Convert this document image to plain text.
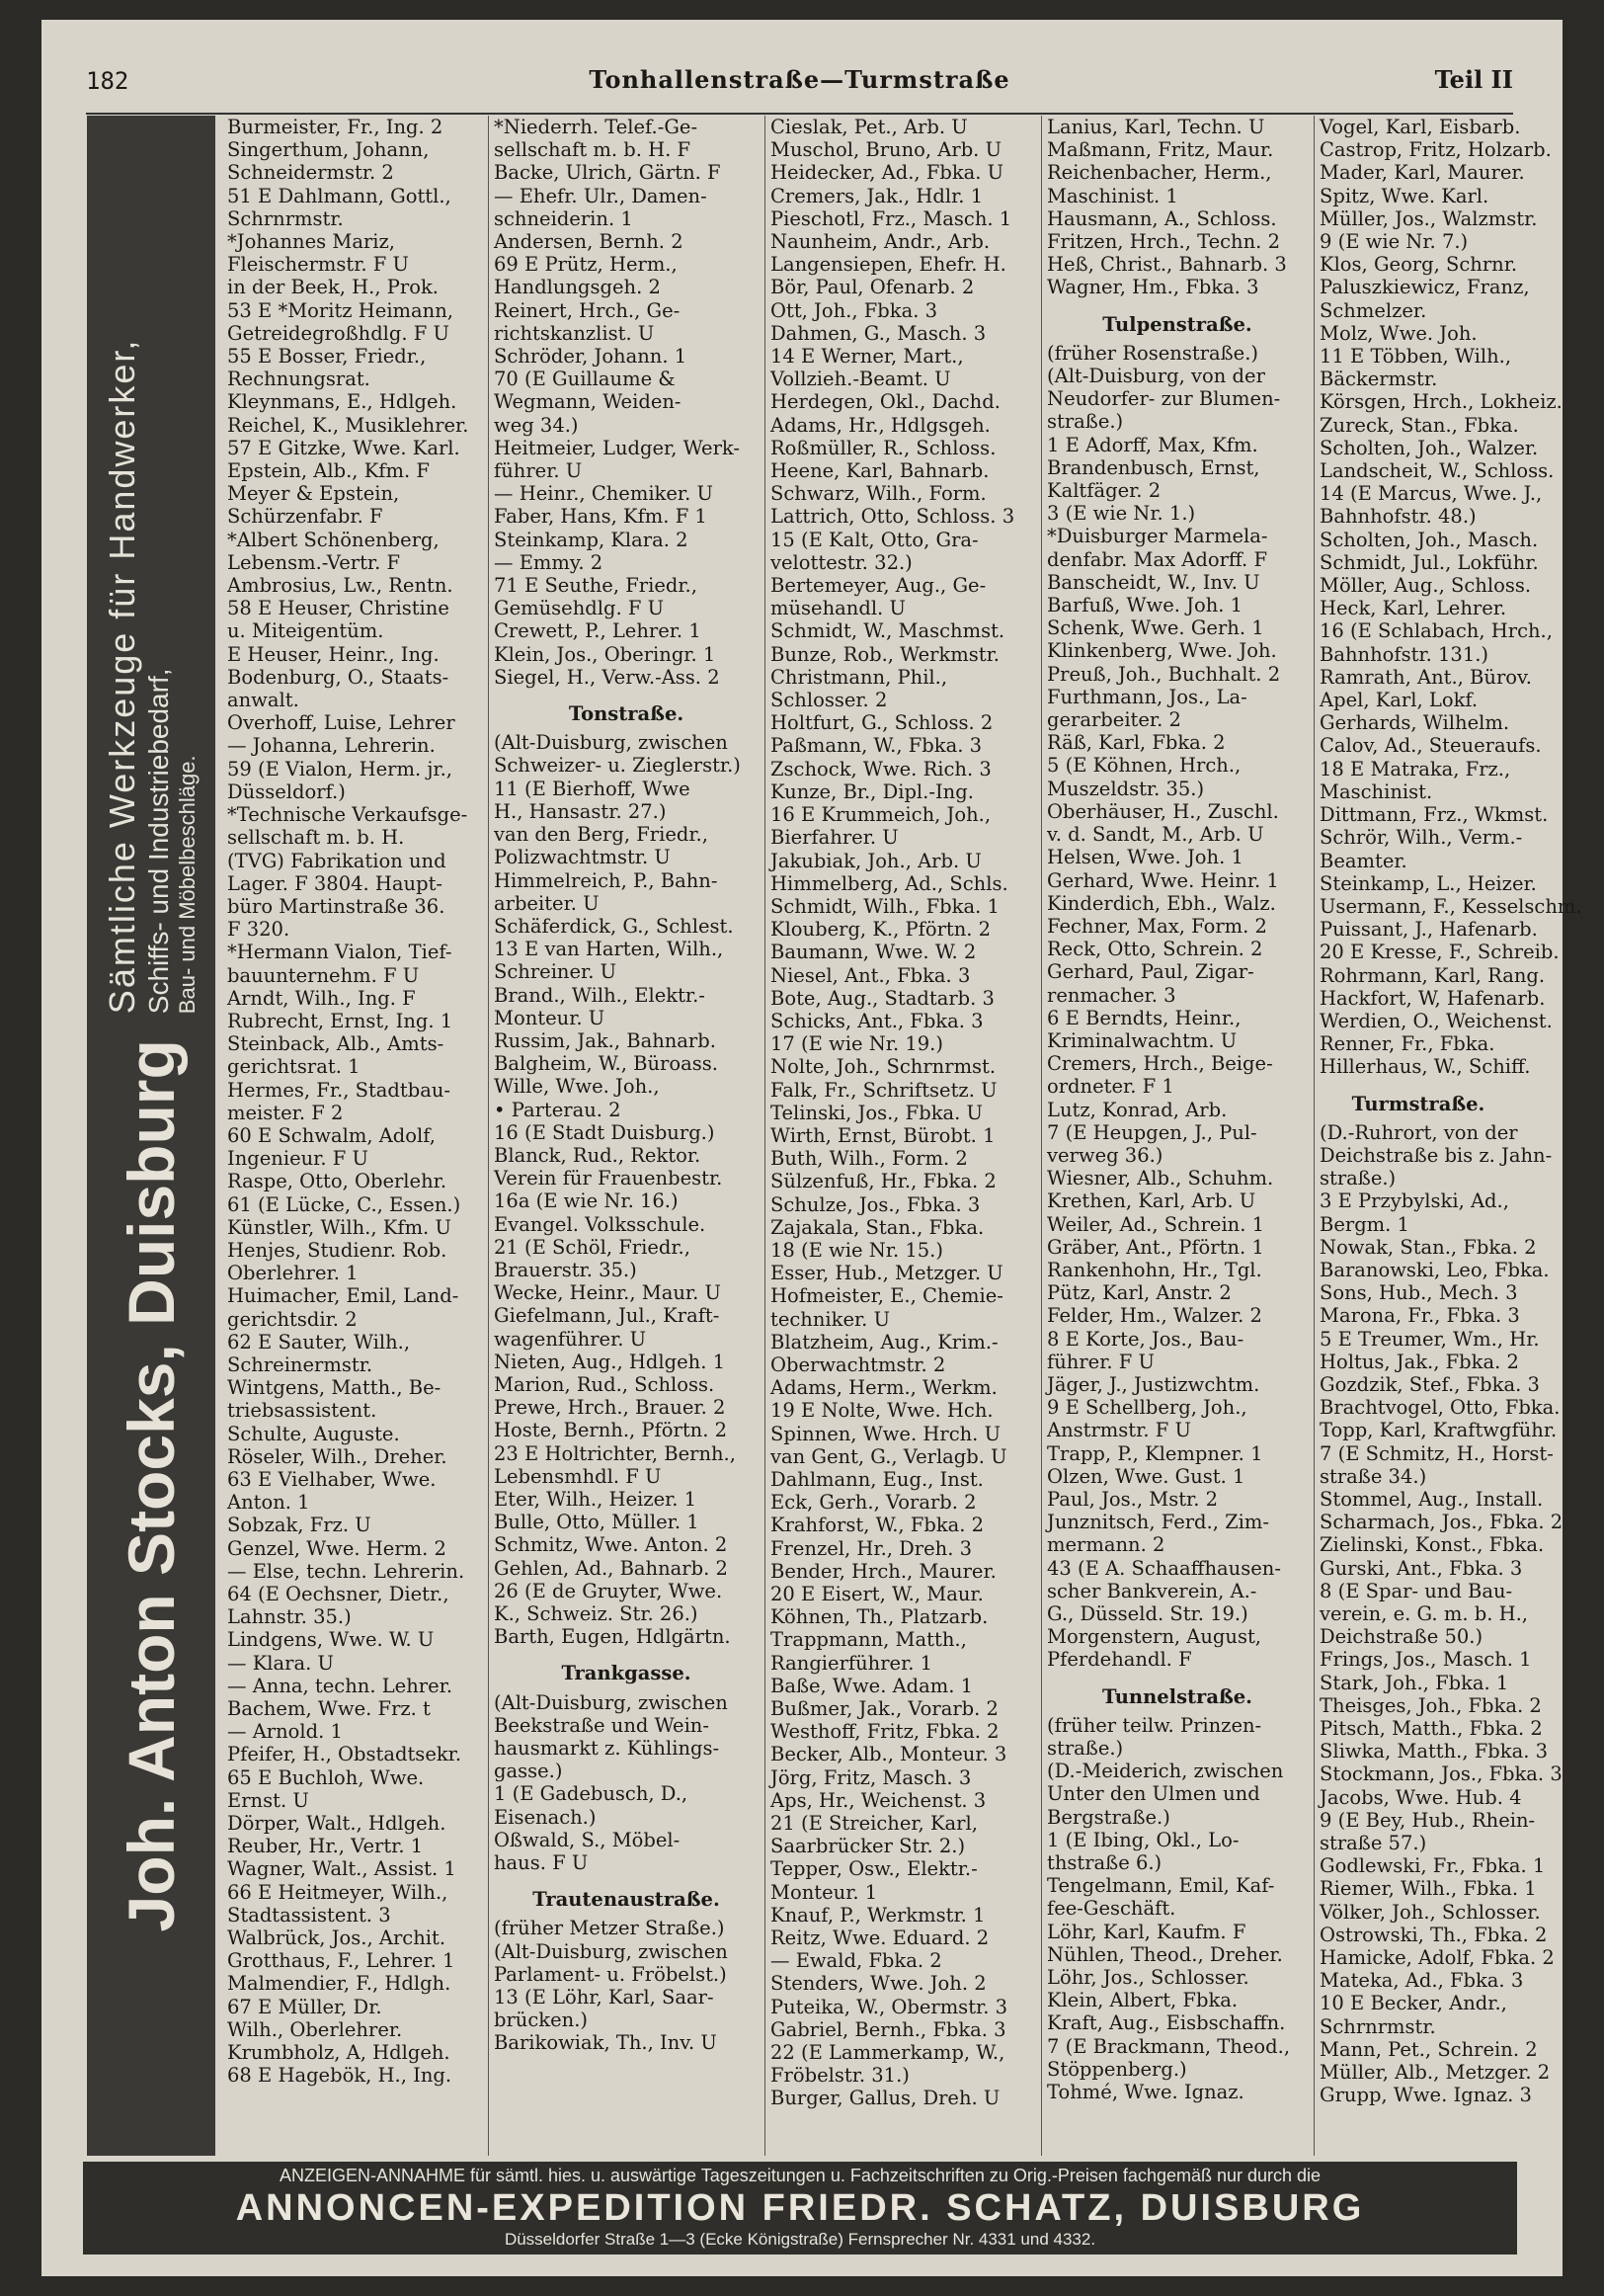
182	Tonhallenstraße—Turmstraße	Teil II
Joh. Anton Stocks, Duisburg
Sämtliche Werkzeuge für Handwerker, Schiffs- und Industriebedarf, Bau- und Möbelbeschläge.
Burmeister, Fr., Ing. 2
Singerthum, Johann,
Schneidermstr. 2
51 E Dahlmann, Gottl.,
Schrnrmstr.
*Johannes Mariz,
Fleischermstr. F U
in der Beek, H., Prok.
53 E *Moritz Heimann,
Getreidegroßhdlg. F U
55 E Bosser, Friedr.,
Rechnungsrat.
Kleynmans, E., Hdlgeh.
Reichel, K., Musiklehrer.
57 E Gitzke, Wwe. Karl.
Epstein, Alb., Kfm. F
Meyer & Epstein,
Schürzenfabr. F
*Albert Schönenberg,
Lebensm.-Vertr. F
Ambrosius, Lw., Rentn.
58 E Heuser, Christine
u. Miteigentüm.
E Heuser, Heinr., Ing.
Bodenburg, O., Staats-
anwalt.
Overhoff, Luise, Lehrer
— Johanna, Lehrerin.
59 (E Vialon, Herm. jr.,
Düsseldorf.)
*Technische Verkaufsge-
sellschaft m. b. H.
(TVG) Fabrikation und
Lager. F 3804. Haupt-
büro Martinstraße 36.
F 320.
*Hermann Vialon, Tief-
bauunternehm. F U
Arndt, Wilh., Ing. F
Rubrecht, Ernst, Ing. 1
Steinback, Alb., Amts-
gerichtsrat. 1
Hermes, Fr., Stadtbau-
meister. F 2
60 E Schwalm, Adolf,
Ingenieur. F U
Raspe, Otto, Oberlehr.
61 (E Lücke, C., Essen.)
Künstler, Wilh., Kfm. U
Henjes, Studienr. Rob.
Oberlehrer. 1
Huimacher, Emil, Land-
gerichtsdir. 2
62 E Sauter, Wilh.,
Schreinermstr.
Wintgens, Matth., Be-
triebsassistent.
Schulte, Auguste.
Röseler, Wilh., Dreher.
63 E Vielhaber, Wwe.
Anton. 1
Sobzak, Frz. U
Genzel, Wwe. Herm. 2
— Else, techn. Lehrerin.
64 (E Oechsner, Dietr.,
Lahnstr. 35.)
Lindgens, Wwe. W. U
— Klara. U
— Anna, techn. Lehrer.
Bachem, Wwe. Frz. t
— Arnold. 1
Pfeifer, H., Obstadtsekr.
65 E Buchloh, Wwe.
Ernst. U
Dörper, Walt., Hdlgeh.
Reuber, Hr., Vertr. 1
Wagner, Walt., Assist. 1
66 E Heitmeyer, Wilh.,
Stadtassistent. 3
Walbrück, Jos., Archit.
Grotthaus, F., Lehrer. 1
Malmendier, F., Hdlgh.
67 E Müller, Dr.
Wilh., Oberlehrer.
Krumbholz, A, Hdlgeh.
68 E Hagebök, H., Ing.
*Niederrh. Telef.-Ge-
sellschaft m. b. H. F
Backe, Ulrich, Gärtn. F
— Ehefr. Ulr., Damen-
schneiderin. 1
Andersen, Bernh. 2
69 E Prütz, Herm.,
Handlungsgeh. 2
Reinert, Hrch., Ge-
richtskanzlist. U
Schröder, Johann. 1
70 (E Guillaume &
Wegmann, Weiden-
weg 34.)
Heitmeier, Ludger, Werk-
führer. U
— Heinr., Chemiker. U
Faber, Hans, Kfm. F 1
Steinkamp, Klara. 2
— Emmy. 2
71 E Seuthe, Friedr.,
Gemüsehdlg. F U
Crewett, P., Lehrer. 1
Klein, Jos., Oberingr. 1
Siegel, H., Verw.-Ass. 2
Tonstraße.
(Alt-Duisburg, zwischen
Schweizer- u. Zieglerstr.)
11 (E Bierhoff, Wwe
H., Hansastr. 27.)
van den Berg, Friedr.,
Polizwachtmstr. U
Himmelreich, P., Bahn-
arbeiter. U
Schäferdick, G., Schlest.
13 E van Harten, Wilh.,
Schreiner. U
Brand., Wilh., Elektr.-
Monteur. U
Russim, Jak., Bahnarb.
Balgheim, W., Büroass.
Wille, Wwe. Joh.,
• Parterau. 2
16 (E Stadt Duisburg.)
Blanck, Rud., Rektor.
Verein für Frauenbestr.
16a (E wie Nr. 16.)
Evangel. Volksschule.
21 (E Schöl, Friedr.,
Brauerstr. 35.)
Wecke, Heinr., Maur. U
Giefelmann, Jul., Kraft-
wagenführer. U
Nieten, Aug., Hdlgeh. 1
Marion, Rud., Schloss.
Prewe, Hrch., Brauer. 2
Hoste, Bernh., Pförtn. 2
23 E Holtrichter, Bernh.,
Lebensmhdl. F U
Eter, Wilh., Heizer. 1
Bulle, Otto, Müller. 1
Schmitz, Wwe. Anton. 2
Gehlen, Ad., Bahnarb. 2
26 (E de Gruyter, Wwe.
K., Schweiz. Str. 26.)
Barth, Eugen, Hdlgärtn.
Trankgasse.
(Alt-Duisburg, zwischen
Beekstraße und Wein-
hausmarkt z. Kühlings-
gasse.)
1 (E Gadebusch, D.,
Eisenach.)
Oßwald, S., Möbel-
haus. F U
Trautenaustraße.
(früher Metzer Straße.)
(Alt-Duisburg, zwischen
Parlament- u. Fröbelst.)
13 (E Löhr, Karl, Saar-
brücken.)
Barikowiak, Th., Inv. U
Cieslak, Pet., Arb. U
Muschol, Bruno, Arb. U
Heidecker, Ad., Fbka. U
Cremers, Jak., Hdlr. 1
Pieschotl, Frz., Masch. 1
Naunheim, Andr., Arb.
Langensiepen, Ehefr. H.
Bör, Paul, Ofenarb. 2
Ott, Joh., Fbka. 3
Dahmen, G., Masch. 3
14 E Werner, Mart.,
Vollzieh.-Beamt. U
Herdegen, Okl., Dachd.
Adams, Hr., Hdlgsgeh.
Roßmüller, R., Schloss.
Heene, Karl, Bahnarb.
Schwarz, Wilh., Form.
Lattrich, Otto, Schloss. 3
15 (E Kalt, Otto, Gra-
velottestr. 32.)
Bertemeyer, Aug., Ge-
müsehandl. U
Schmidt, W., Maschmst.
Bunze, Rob., Werkmstr.
Christmann, Phil.,
Schlosser. 2
Holtfurt, G., Schloss. 2
Paßmann, W., Fbka. 3
Zschock, Wwe. Rich. 3
Kunze, Br., Dipl.-Ing.
16 E Krummeich, Joh.,
Bierfahrer. U
Jakubiak, Joh., Arb. U
Himmelberg, Ad., Schls.
Schmidt, Wilh., Fbka. 1
Klouberg, K., Pförtn. 2
Baumann, Wwe. W. 2
Niesel, Ant., Fbka. 3
Bote, Aug., Stadtarb. 3
Schicks, Ant., Fbka. 3
17 (E wie Nr. 19.)
Nolte, Joh., Schrnrmst.
Falk, Fr., Schriftsetz. U
Telinski, Jos., Fbka. U
Wirth, Ernst, Bürobt. 1
Buth, Wilh., Form. 2
Sülzenfuß, Hr., Fbka. 2
Schulze, Jos., Fbka. 3
Zajakala, Stan., Fbka.
18 (E wie Nr. 15.)
Esser, Hub., Metzger. U
Hofmeister, E., Chemie-
techniker. U
Blatzheim, Aug., Krim.-
Oberwachtmstr. 2
Adams, Herm., Werkm.
19 E Nolte, Wwe. Hch.
Spinnen, Wwe. Hrch. U
van Gent, G., Verlagb. U
Dahlmann, Eug., Inst.
Eck, Gerh., Vorarb. 2
Krahforst, W., Fbka. 2
Frenzel, Hr., Dreh. 3
Bender, Hrch., Maurer.
20 E Eisert, W., Maur.
Köhnen, Th., Platzarb.
Trappmann, Matth.,
Rangierführer. 1
Baße, Wwe. Adam. 1
Bußmer, Jak., Vorarb. 2
Westhoff, Fritz, Fbka. 2
Becker, Alb., Monteur. 3
Jörg, Fritz, Masch. 3
Aps, Hr., Weichenst. 3
21 (E Streicher, Karl,
Saarbrücker Str. 2.)
Tepper, Osw., Elektr.-
Monteur. 1
Knauf, P., Werkmstr. 1
Reitz, Wwe. Eduard. 2
— Ewald, Fbka. 2
Stenders, Wwe. Joh. 2
Puteika, W., Obermstr. 3
Gabriel, Bernh., Fbka. 3
22 (E Lammerkamp, W.,
Fröbelstr. 31.)
Burger, Gallus, Dreh. U
Lanius, Karl, Techn. U
Maßmann, Fritz, Maur.
Reichenbacher, Herm.,
Maschinist. 1
Hausmann, A., Schloss.
Fritzen, Hrch., Techn. 2
Heß, Christ., Bahnarb. 3
Wagner, Hm., Fbka. 3
Tulpenstraße.
(früher Rosenstraße.)
(Alt-Duisburg, von der
Neudorfer- zur Blumen-
straße.)
1 E Adorff, Max, Kfm.
Brandenbusch, Ernst,
Kaltfäger. 2
3 (E wie Nr. 1.)
*Duisburger Marmela-
denfabr. Max Adorff. F
Banscheidt, W., Inv. U
Barfuß, Wwe. Joh. 1
Schenk, Wwe. Gerh. 1
Klinkenberg, Wwe. Joh.
Preuß, Joh., Buchhalt. 2
Furthmann, Jos., La-
gerarbeiter. 2
Räß, Karl, Fbka. 2
5 (E Köhnen, Hrch.,
Muszeldstr. 35.)
Oberhäuser, H., Zuschl.
v. d. Sandt, M., Arb. U
Helsen, Wwe. Joh. 1
Gerhard, Wwe. Heinr. 1
Kinderdich, Ebh., Walz.
Fechner, Max, Form. 2
Reck, Otto, Schrein. 2
Gerhard, Paul, Zigar-
renmacher. 3
6 E Berndts, Heinr.,
Kriminalwachtm. U
Cremers, Hrch., Beige-
ordneter. F 1
Lutz, Konrad, Arb.
7 (E Heupgen, J., Pul-
verweg 36.)
Wiesner, Alb., Schuhm.
Krethen, Karl, Arb. U
Weiler, Ad., Schrein. 1
Gräber, Ant., Pförtn. 1
Rankenhohn, Hr., Tgl.
Pütz, Karl, Anstr. 2
Felder, Hm., Walzer. 2
8 E Korte, Jos., Bau-
führer. F U
Jäger, J., Justizwchtm.
9 E Schellberg, Joh.,
Anstrmstr. F U
Trapp, P., Klempner. 1
Olzen, Wwe. Gust. 1
Paul, Jos., Mstr. 2
Junznitsch, Ferd., Zim-
mermann. 2
43 (E A. Schaaffhausen-
scher Bankverein, A.-
G., Düsseld. Str. 19.)
Morgenstern, August,
Pferdehandl. F
Tunnelstraße.
(früher teilw. Prinzen-
straße.)
(D.-Meiderich, zwischen
Unter den Ulmen und
Bergstraße.)
1 (E Ibing, Okl., Lo-
thstraße 6.)
Tengelmann, Emil, Kaf-
fee-Geschäft.
Löhr, Karl, Kaufm. F
Nühlen, Theod., Dreher.
Löhr, Jos., Schlosser.
Klein, Albert, Fbka.
Kraft, Aug., Eisbschaffn.
7 (E Brackmann, Theod.,
Stöppenberg.)
Tohmé, Wwe. Ignaz.
Vogel, Karl, Eisbarb.
Castrop, Fritz, Holzarb.
Mader, Karl, Maurer.
Spitz, Wwe. Karl.
Müller, Jos., Walzmstr.
9 (E wie Nr. 7.)
Klos, Georg, Schrnr.
Paluszkiewicz, Franz,
Schmelzer.
Molz, Wwe. Joh.
11 E Többen, Wilh.,
Bäckermstr.
Körsgen, Hrch., Lokheiz.
Zureck, Stan., Fbka.
Scholten, Joh., Walzer.
Landscheit, W., Schloss.
14 (E Marcus, Wwe. J.,
Bahnhofstr. 48.)
Scholten, Joh., Masch.
Schmidt, Jul., Lokführ.
Möller, Aug., Schloss.
Heck, Karl, Lehrer.
16 (E Schlabach, Hrch.,
Bahnhofstr. 131.)
Ramrath, Ant., Bürov.
Apel, Karl, Lokf.
Gerhards, Wilhelm.
Calov, Ad., Steueraufs.
18 E Matraka, Frz.,
Maschinist.
Dittmann, Frz., Wkmst.
Schrör, Wilh., Verm.-
Beamter.
Steinkamp, L., Heizer.
Usermann, F., Kesselschm.
Puissant, J., Hafenarb.
20 E Kresse, F., Schreib.
Rohrmann, Karl, Rang.
Hackfort, W, Hafenarb.
Werdien, O., Weichenst.
Renner, Fr., Fbka.
Hillerhaus, W., Schiff.
Turmstraße.
(D.-Ruhrort, von der
Deichstraße bis z. Jahn-
straße.)
3 E Przybylski, Ad.,
Bergm. 1
Nowak, Stan., Fbka. 2
Baranowski, Leo, Fbka.
Sons, Hub., Mech. 3
Marona, Fr., Fbka. 3
5 E Treumer, Wm., Hr.
Holtus, Jak., Fbka. 2
Gozdzik, Stef., Fbka. 3
Brachtvogel, Otto, Fbka.
Topp, Karl, Kraftwgführ.
7 (E Schmitz, H., Horst-
straße 34.)
Stommel, Aug., Install.
Scharmach, Jos., Fbka. 2
Zielinski, Konst., Fbka.
Gurski, Ant., Fbka. 3
8 (E Spar- und Bau-
verein, e. G. m. b. H.,
Deichstraße 50.)
Frings, Jos., Masch. 1
Stark, Joh., Fbka. 1
Theisges, Joh., Fbka. 2
Pitsch, Matth., Fbka. 2
Sliwka, Matth., Fbka. 3
Stockmann, Jos., Fbka. 3
Jacobs, Wwe. Hub. 4
9 (E Bey, Hub., Rhein-
straße 57.)
Godlewski, Fr., Fbka. 1
Riemer, Wilh., Fbka. 1
Völker, Joh., Schlosser.
Ostrowski, Th., Fbka. 2
Hamicke, Adolf, Fbka. 2
Mateka, Ad., Fbka. 3
10 E Becker, Andr.,
Schrnrmstr.
Mann, Pet., Schrein. 2
Müller, Alb., Metzger. 2
Grupp, Wwe. Ignaz. 3
ANZEIGEN-ANNAHME für sämtl. hies. u. auswärtige Tageszeitungen u. Fachzeitschriften zu Orig.-Preisen fachgemäß nur durch die
ANNONCEN-EXPEDITION FRIEDR. SCHATZ, DUISBURG
Düsseldorfer Straße 1—3 (Ecke Königstraße) Fernsprecher Nr. 4331 und 4332.
